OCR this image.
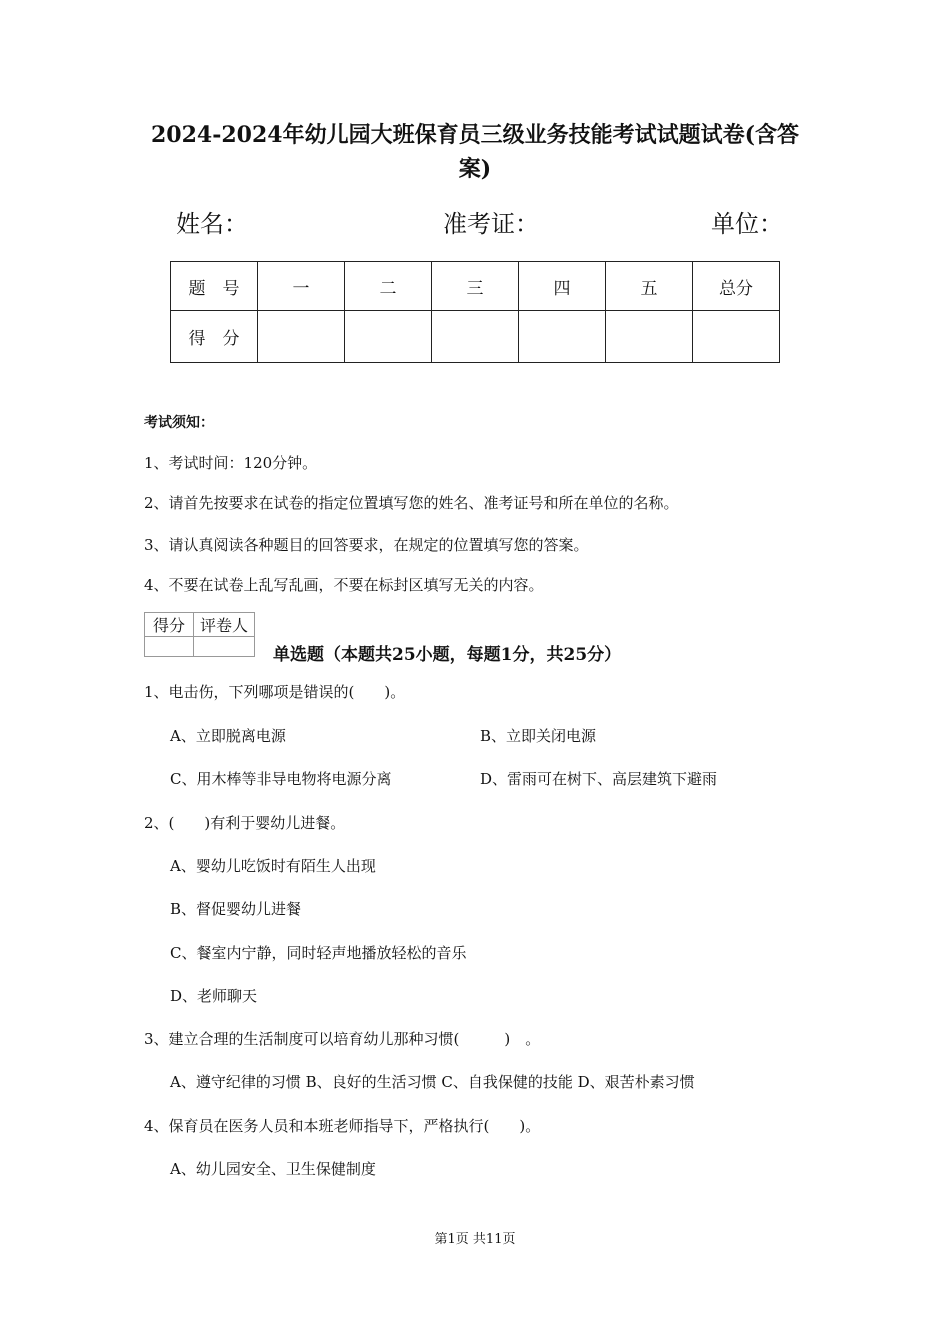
2024-2024年幼儿园大班保育员三级业务技能考试试题试卷(含答
案)
姓名：	准考证：	单位：
题　号	一	二	三	四	五	总分
得　分						
考试须知：
1、考试时间：120分钟。
2、请首先按要求在试卷的指定位置填写您的姓名、准考证号和所在单位的名称。
3、请认真阅读各种题目的回答要求，在规定的位置填写您的答案。
4、不要在试卷上乱写乱画，不要在标封区填写无关的内容。
得分	评卷人

单选题（本题共25小题，每题1分，共25分）
1、电击伤，下列哪项是错误的(　　)。
A、立即脱离电源	B、立即关闭电源
C、用木棒等非导电物将电源分离	D、雷雨可在树下、高层建筑下避雨
2、(　　)有利于婴幼儿进餐。
A、婴幼儿吃饭时有陌生人出现
B、督促婴幼儿进餐
C、餐室内宁静，同时轻声地播放轻松的音乐
D、老师聊天
3、建立合理的生活制度可以培育幼儿那种习惯(　　　)　。
A、遵守纪律的习惯 B、良好的生活习惯 C、自我保健的技能 D、艰苦朴素习惯
4、保育员在医务人员和本班老师指导下，严格执行(　　)。
A、幼儿园安全、卫生保健制度
第1页 共11页
